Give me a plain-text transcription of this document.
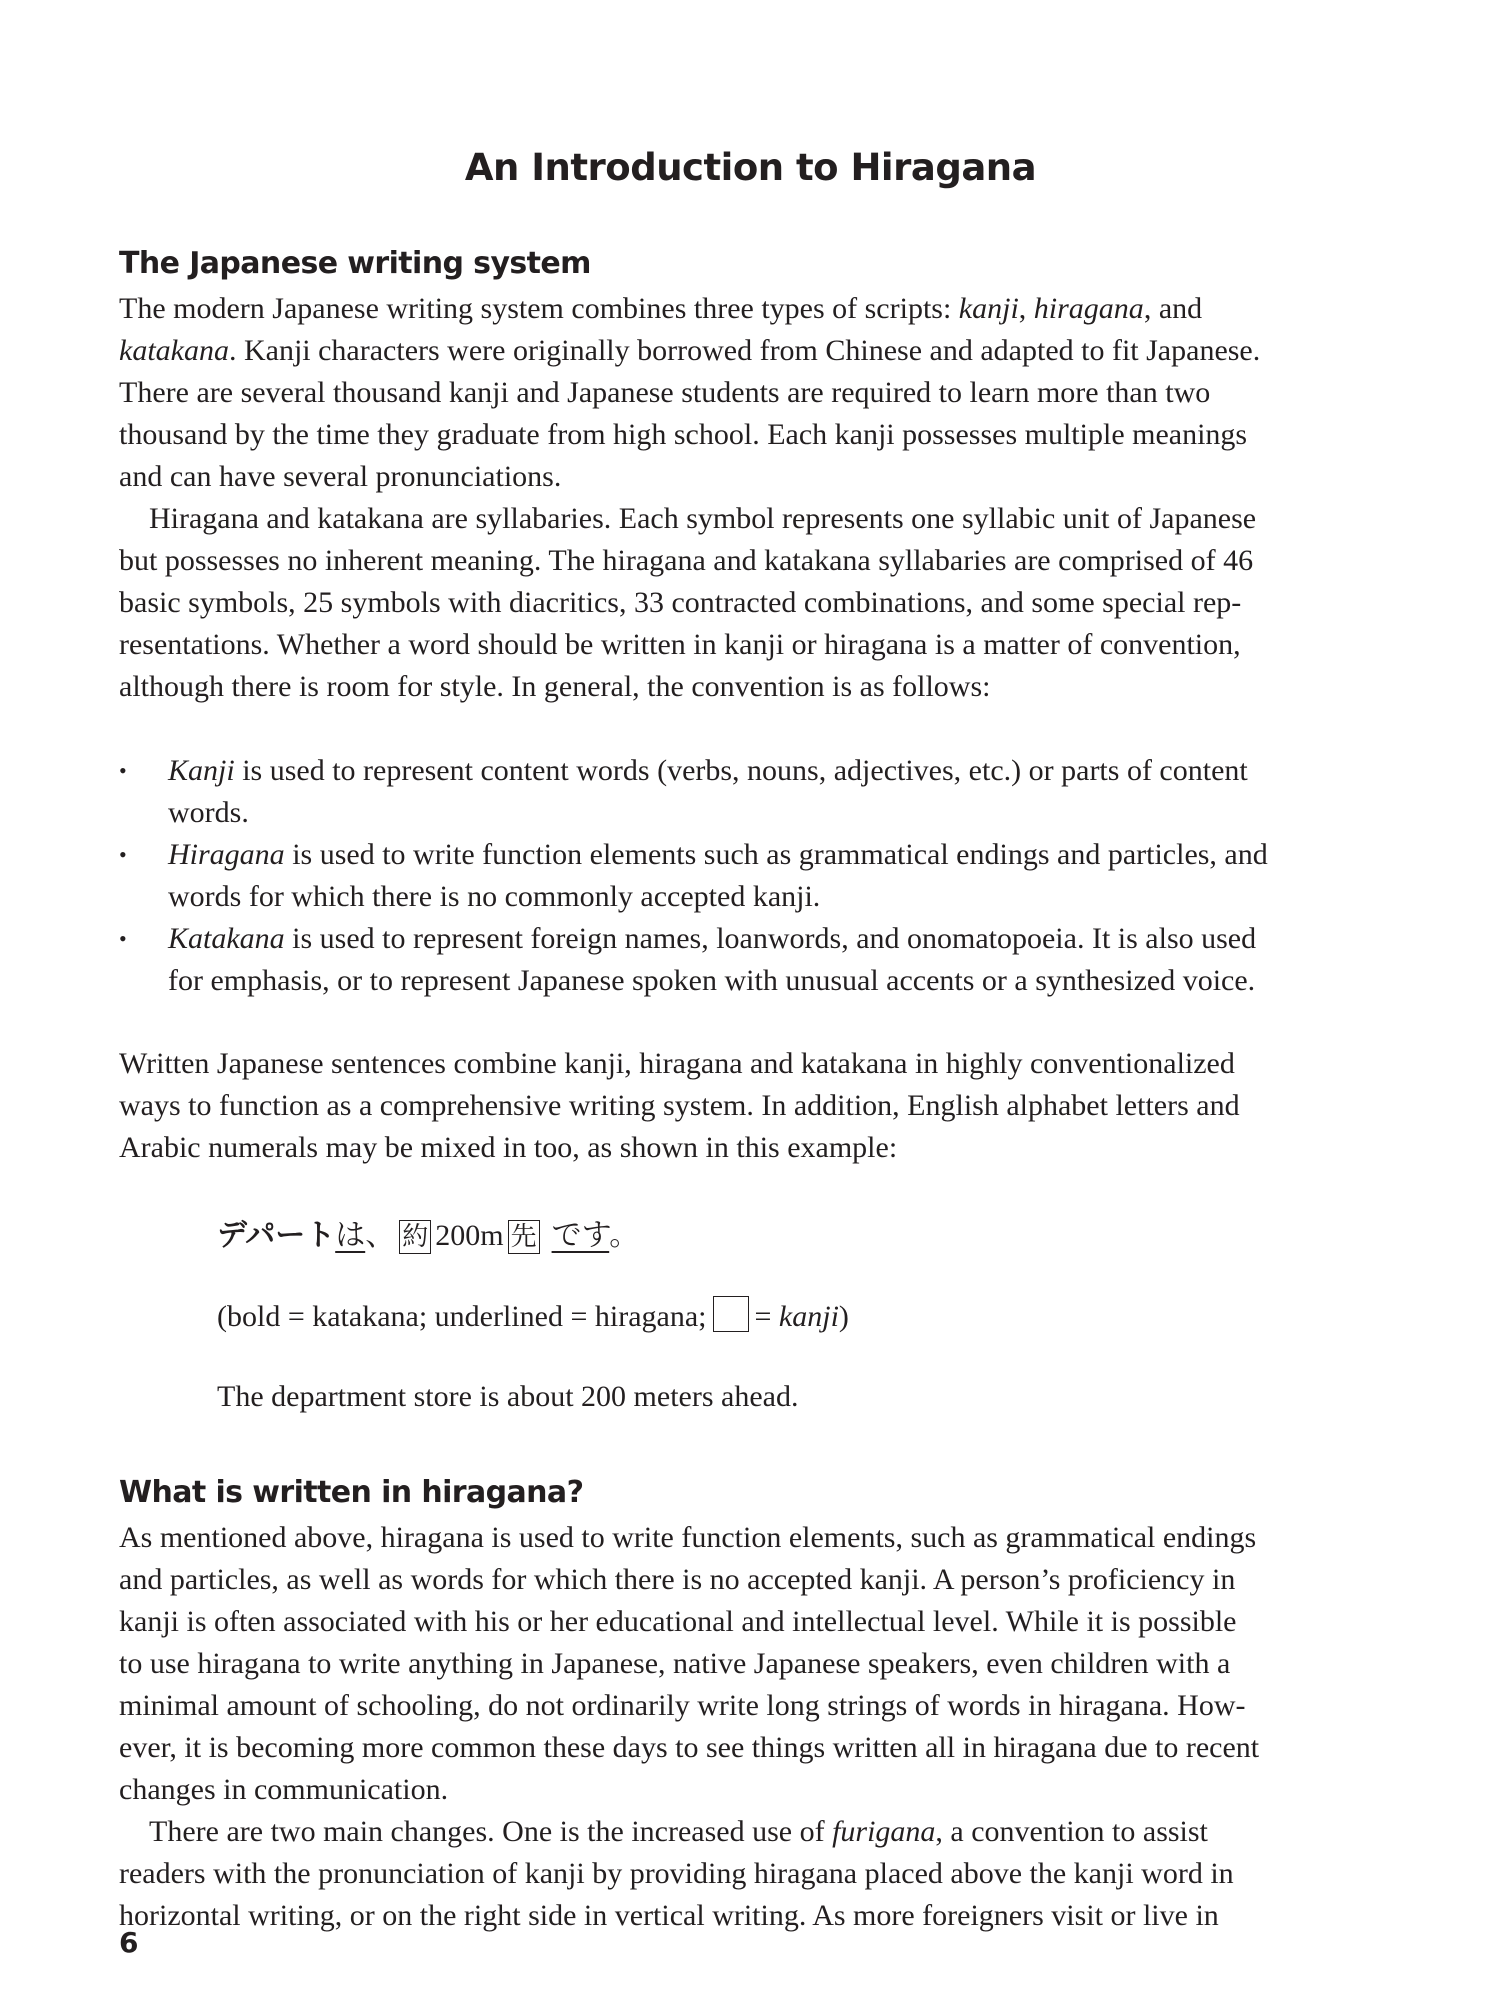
An Introduction to Hiragana
The Japanese writing system
The modern Japanese writing system combines three types of scripts: kanji, hiragana, and
katakana. Kanji characters were originally borrowed from Chinese and adapted to fit Japanese.
There are several thousand kanji and Japanese students are required to learn more than two
thousand by the time they graduate from high school. Each kanji possesses multiple meanings
and can have several pronunciations.
Hiragana and katakana are syllabaries. Each symbol represents one syllabic unit of Japanese
but possesses no inherent meaning. The hiragana and katakana syllabaries are comprised of 46
basic symbols, 25 symbols with diacritics, 33 contracted combinations, and some special rep-
resentations. Whether a word should be written in kanji or hiragana is a matter of convention,
although there is room for style. In general, the convention is as follows:
•	Kanji is used to represent content words (verbs, nouns, adjectives, etc.) or parts of content
words.
•	Hiragana is used to write function elements such as grammatical endings and particles, and
words for which there is no commonly accepted kanji.
•	Katakana is used to represent foreign names, loanwords, and onomatopoeia. It is also used
for emphasis, or to represent Japanese spoken with unusual accents or a synthesized voice.
Written Japanese sentences combine kanji, hiragana and katakana in highly conventionalized
ways to function as a comprehensive writing system. In addition, English alphabet letters and
Arabic numerals may be mixed in too, as shown in this example:
デパートは、 約 200m 先 です。
(bold = katakana; underlined = hiragana; = kanji)
The department store is about 200 meters ahead.
What is written in hiragana?
As mentioned above, hiragana is used to write function elements, such as grammatical endings
and particles, as well as words for which there is no accepted kanji. A person’s proficiency in
kanji is often associated with his or her educational and intellectual level. While it is possible
to use hiragana to write anything in Japanese, native Japanese speakers, even children with a
minimal amount of schooling, do not ordinarily write long strings of words in hiragana. How-
ever, it is becoming more common these days to see things written all in hiragana due to recent
changes in communication.
There are two main changes. One is the increased use of furigana, a convention to assist
readers with the pronunciation of kanji by providing hiragana placed above the kanji word in
horizontal writing, or on the right side in vertical writing. As more foreigners visit or live in
6
